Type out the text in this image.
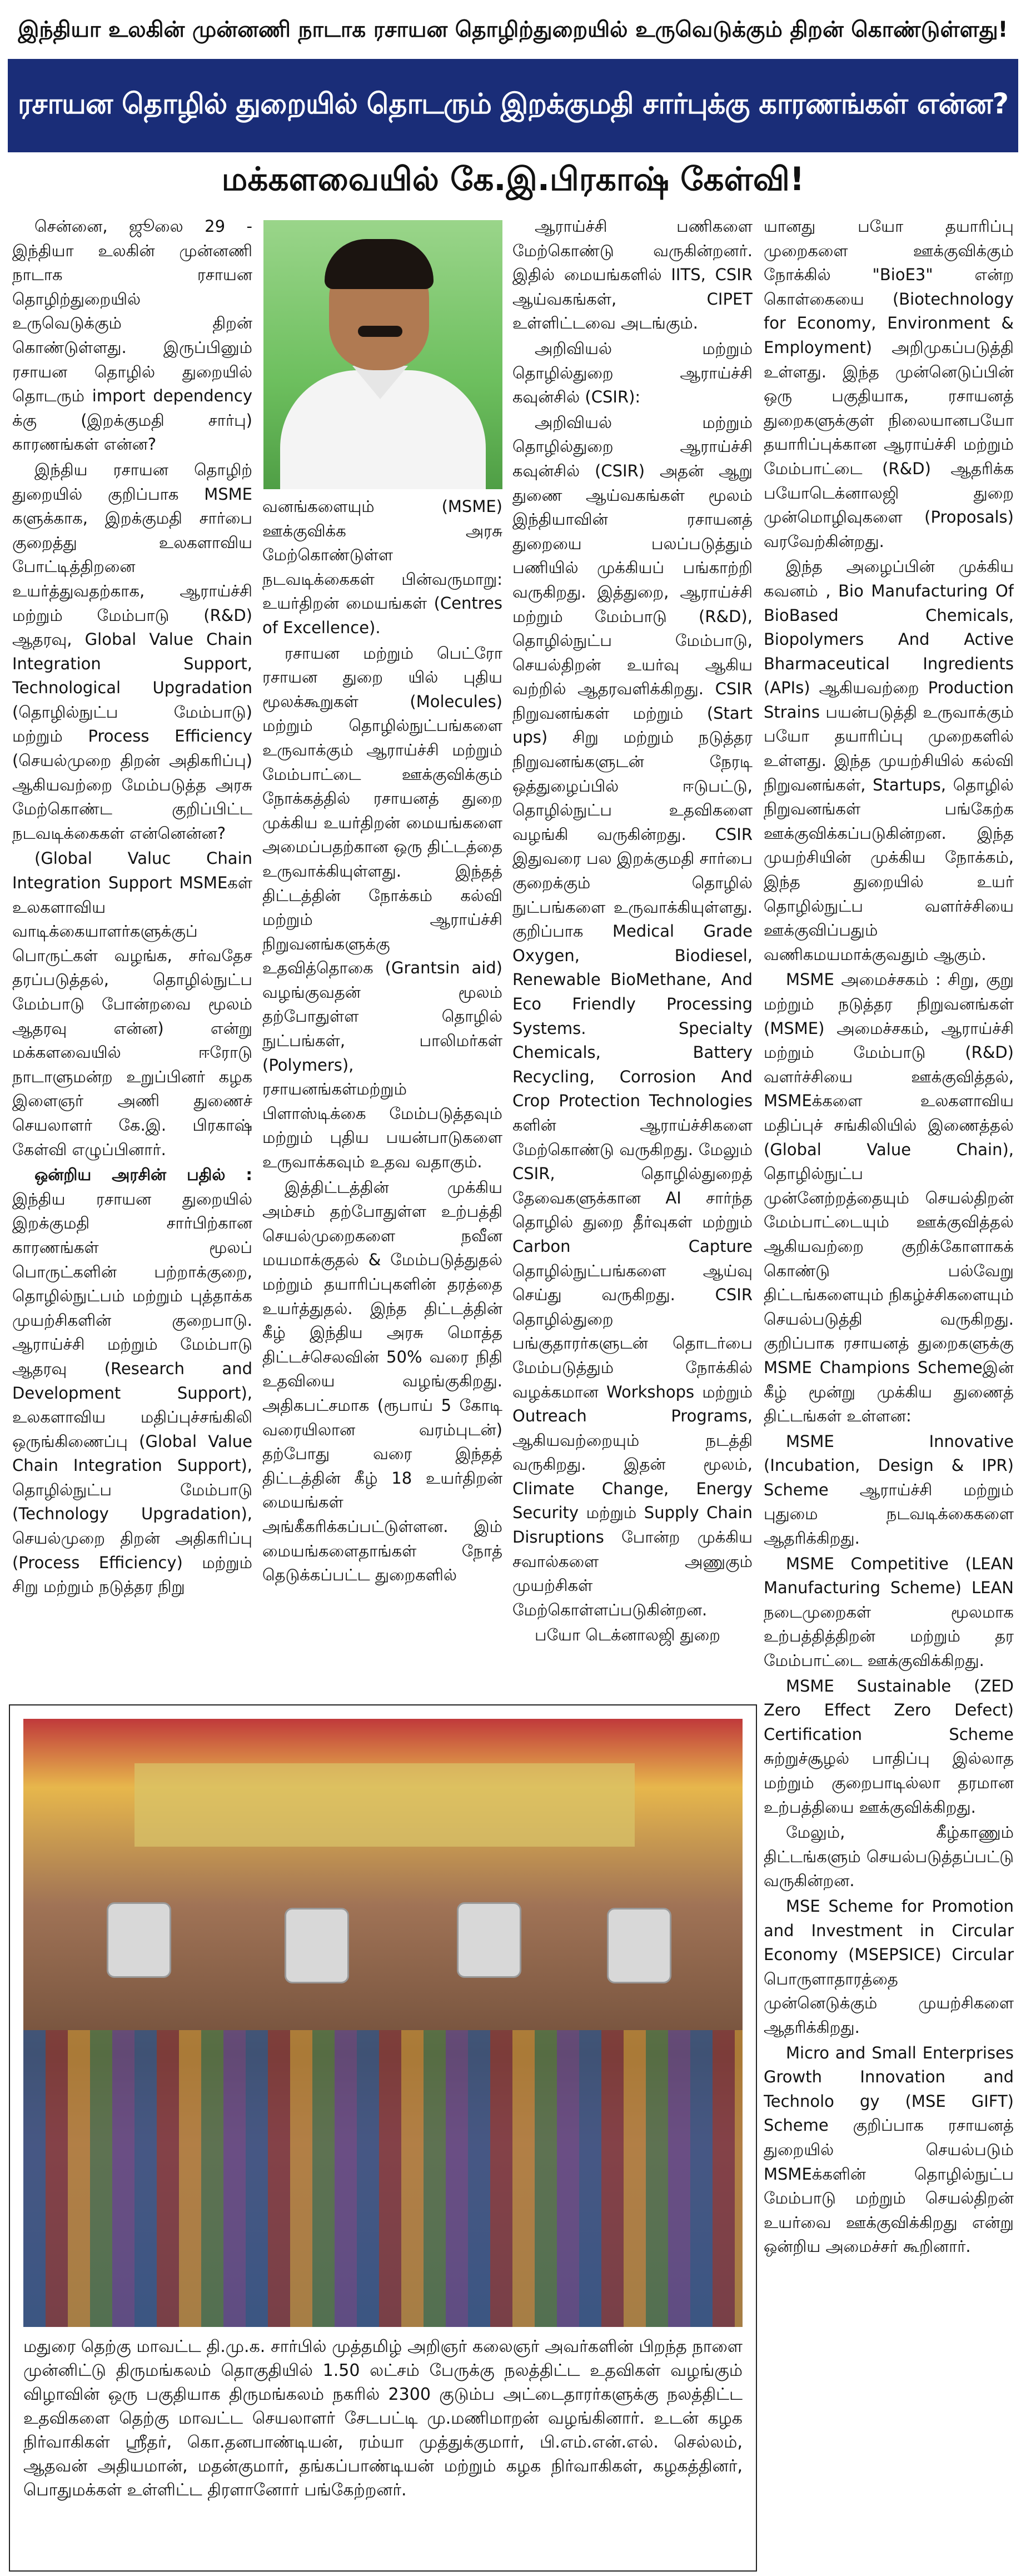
இந்தியா உலகின் முன்னணி நாடாக ரசாயன தொழிற்துறையில் உருவெடுக்கும் திறன் கொண்டுள்ளது!
ரசாயன தொழில் துறையில் தொடரும் இறக்குமதி சார்புக்கு காரணங்கள் என்ன?
மக்களவையில் கே.இ.பிரகாஷ் கேள்வி!

சென்னை, ஜூலை 29 - இந்தியா உலகின் முன்னணி நாடாக ரசாயன தொழிற்துறையில் உருவெடுக்கும் திறன் கொண்டுள்ளது. இருப்பினும் ரசாயன தொழில் துறையில் தொடரும் import dependency க்கு (இறக்குமதி சார்பு) காரணங்கள் என்ன?

இந்திய ரசாயன தொழிற் துறையில் குறிப்பாக MSME களுக்காக, இறக்குமதி சார்பை குறைத்து உலகளாவிய போட்டித்திறனை உயர்த்துவதற்காக, ஆராய்ச்சி மற்றும் மேம்பாடு (R&D) ஆதரவு, Global Value Chain Integration Support, Technological Upgradation (தொழில்நுட்ப மேம்பாடு) மற்றும் Process Efficiency (செயல்முறை திறன் அதிகரிப்பு) ஆகியவற்றை மேம்படுத்த அரசு மேற்கொண்ட குறிப்பிட்ட நடவடிக்கைகள் என்னென்ன?

(Global Valuc Chain Integration Support MSMEகள் உலகளாவிய வாடிக்கையாளர்களுக்குப் பொருட்கள் வழங்க, சர்வதேச தரப்படுத்தல், தொழில்நுட்ப மேம்பாடு போன்றவை மூலம் ஆதரவு என்ன) என்று மக்களவையில் ஈரோடு நாடாளுமன்ற உறுப்பினர் கழக இளைஞர் அணி துணைச் செயலாளர் கே.இ. பிரகாஷ் கேள்வி எழுப்பினார்.

ஒன்றிய அரசின் பதில் : இந்திய ரசாயன துறையில் இறக்குமதி சார்பிற்கான காரணங்கள் மூலப் பொருட்களின் பற்றாக்குறை, தொழில்நுட்பம் மற்றும் புத்தாக்க முயற்சிகளின் குறைபாடு. ஆராய்ச்சி மற்றும் மேம்பாடு ஆதரவு (Research and Development Support), உலகளாவிய மதிப்புச்சங்கிலி ஒருங்கிணைப்பு (Global Value Chain Integration Support), தொழில்நுட்ப மேம்பாடு (Technology Upgradation), செயல்முறை திறன் அதிகரிப்பு (Process Efficiency) மற்றும் சிறு மற்றும் நடுத்தர நிறு

வனங்களையும் (MSME) ஊக்குவிக்க அரசு மேற்கொண்டுள்ள நடவடிக்கைகள் பின்வருமாறு: உயர்திறன் மையங்கள் (Centres of Excellence).

ரசாயன மற்றும் பெட்ரோ ரசாயன துறை யில் புதிய மூலக்கூறுகள் (Molecules) மற்றும் தொழில்நுட்பங்களை உருவாக்கும் ஆராய்ச்சி மற்றும் மேம்பாட்டை ஊக்குவிக்கும் நோக்கத்தில் ரசாயனத் துறை முக்கிய உயர்திறன் மையங்களை அமைப்பதற்கான ஒரு திட்டத்தை உருவாக்கியுள்ளது. இந்தத் திட்டத்தின் நோக்கம் கல்வி மற்றும் ஆராய்ச்சி நிறுவனங்களுக்கு உதவித்தொகை (Grantsin aid) வழங்குவதன் மூலம் தற்போதுள்ள தொழில் நுட்பங்கள், பாலிமர்கள் (Polymers), ரசாயனங்கள்மற்றும் பிளாஸ்டிக்கை மேம்படுத்தவும் மற்றும் புதிய பயன்பாடுகளை உருவாக்கவும் உதவ வதாகும்.

இத்திட்டத்தின் முக்கிய அம்சம் தற்போதுள்ள உற்பத்தி செயல்முறைகளை நவீன மயமாக்குதல் & மேம்படுத்துதல் மற்றும் தயாரிப்புகளின் தரத்தை உயர்த்துதல். இந்த திட்டத்தின் கீழ் இந்திய அரசு மொத்த திட்டச்செலவின் 50% வரை நிதி உதவியை வழங்குகிறது. அதிகபட்சமாக (ரூபாய் 5 கோடி வரையிலான வரம்புடன்) தற்போது வரை இந்தத் திட்டத்தின் கீழ் 18 உயர்திறன் மையங்கள் அங்கீகரிக்கப்பட்டுள்ளன. இம் மையங்களைதாங்கள் நோத் தெடுக்கப்பட்ட துறைகளில்

ஆராய்ச்சி பணிகளை மேற்கொண்டு வருகின்றனர். இதில் மையங்களில் IITS, CSIR ஆய்வகங்கள், CIPET உள்ளிட்டவை அடங்கும்.

அறிவியல் மற்றும் தொழில்துறை ஆராய்ச்சி கவுன்சில் (CSIR):

அறிவியல் மற்றும் தொழில்துறை ஆராய்ச்சி கவுன்சில் (CSIR) அதன் ஆறு துணை ஆய்வகங்கள் மூலம் இந்தியாவின் ரசாயனத் துறையை பலப்படுத்தும் பணியில் முக்கியப் பங்காற்றி வருகிறது. இத்துறை, ஆராய்ச்சி மற்றும் மேம்பாடு (R&D), தொழில்நுட்ப மேம்பாடு, செயல்திறன் உயர்வு ஆகிய வற்றில் ஆதரவளிக்கிறது. CSIR நிறுவனங்கள் மற்றும் (Start ups) சிறு மற்றும் நடுத்தர நிறுவனங்களுடன் நேரடி ஒத்துழைப்பில் ஈடுபட்டு, தொழில்நுட்ப உதவிகளை வழங்கி வருகின்றது. CSIR இதுவரை பல இறக்குமதி சார்பை குறைக்கும் தொழில் நுட்பங்களை உருவாக்கியுள்ளது. குறிப்பாக Medical Grade Oxygen, Biodiesel, Renewable BioMethane, And Eco Friendly Processing Systems. Specialty Chemicals, Battery Recycling, Corrosion And Crop Protection Technologies களின் ஆராய்ச்சிகளை மேற்கொண்டு வருகிறது. மேலும் CSIR, தொழில்துறைத் தேவைகளுக்கான AI சார்ந்த தொழில் துறை தீர்வுகள் மற்றும் Carbon Capture தொழில்நுட்பங்களை ஆய்வு செய்து வருகிறது. CSIR தொழில்துறை பங்குதாரர்களுடன் தொடர்பை மேம்படுத்தும் நோக்கில் வழக்கமான Workshops மற்றும் Outreach Programs, ஆகியவற்றையும் நடத்தி வருகிறது. இதன் மூலம், Climate Change, Energy Security மற்றும் Supply Chain Disruptions போன்ற முக்கிய சவால்களை அணுகும் முயற்சிகள் மேற்கொள்ளப்படுகின்றன.

பயோ டெக்னாலஜி துறை

யானது பயோ தயாரிப்பு முறைகளை ஊக்குவிக்கும் நோக்கில் "BioE3" என்ற கொள்கையை (Biotechnology for Economy, Environment & Employment) அறிமுகப்படுத்தி உள்ளது. இந்த முன்னெடுப்பின் ஒரு பகுதியாக, ரசாயனத் துறைகளுக்குள் நிலையானபயோ தயாரிப்புக்கான ஆராய்ச்சி மற்றும் மேம்பாட்டை (R&D) ஆதரிக்க பயோடெக்னாலஜி துறை முன்மொழிவுகளை (Proposals) வரவேற்கின்றது.

இந்த அழைப்பின் முக்கிய கவனம் , Bio Manufacturing Of BioBased Chemicals, Biopolymers And Active Bharmaceutical Ingredients (APIs) ஆகியவற்றை Production Strains பயன்படுத்தி உருவாக்கும் பயோ தயாரிப்பு முறைகளில் உள்ளது. இந்த முயற்சியில் கல்வி நிறுவனங்கள், Startups, தொழில் நிறுவனங்கள் பங்கேற்க ஊக்குவிக்கப்படுகின்றன. இந்த முயற்சியின் முக்கிய நோக்கம், இந்த துறையில் உயர் தொழில்நுட்ப வளர்ச்சியை ஊக்குவிப்பதும் வணிகமயமாக்குவதும் ஆகும்.

MSME அமைச்சகம் : சிறு, குறு மற்றும் நடுத்தர நிறுவனங்கள் (MSME) அமைச்சகம், ஆராய்ச்சி மற்றும் மேம்பாடு (R&D) வளர்ச்சியை ஊக்குவித்தல், MSMEக்களை உலகளாவிய மதிப்புச் சங்கிலியில் இணைத்தல் (Global Value Chain), தொழில்நுட்ப முன்னேற்றத்தையும் செயல்திறன் மேம்பாட்டையும் ஊக்குவித்தல் ஆகியவற்றை குறிக்கோளாகக் கொண்டு பல்வேறு திட்டங்களையும் நிகழ்ச்சிகளையும் செயல்படுத்தி வருகிறது. குறிப்பாக ரசாயனத் துறைகளுக்கு MSME Champions Schemeஇன் கீழ் மூன்று முக்கிய துணைத் திட்டங்கள் உள்ளன:

MSME Innovative (Incubation, Design & IPR) Scheme ஆராய்ச்சி மற்றும் புதுமை நடவடிக்கைகளை ஆதரிக்கிறது.

MSME Competitive (LEAN Manufacturing Scheme) LEAN நடைமுறைகள் மூலமாக உற்பத்தித்திறன் மற்றும் தர மேம்பாட்டை ஊக்குவிக்கிறது.

MSME Sustainable (ZED Zero Effect Zero Defect) Certification Scheme சுற்றுச்சூழல் பாதிப்பு இல்லாத மற்றும் குறைபாடில்லா தரமான உற்பத்தியை ஊக்குவிக்கிறது.

மேலும், கீழ்காணும் திட்டங்களும் செயல்படுத்தப்பட்டு வருகின்றன.

MSE Scheme for Promotion and Investment in Circular Economy (MSEPSICE) Circular பொருளாதாரத்தை முன்னெடுக்கும் முயற்சிகளை ஆதரிக்கிறது.

Micro and Small Enterprises Growth Innovation and Technolo gy (MSE GIFT) Scheme குறிப்பாக ரசாயனத் துறையில் செயல்படும் MSMEக்களின் தொழில்நுட்ப மேம்பாடு மற்றும் செயல்திறன் உயர்வை ஊக்குவிக்கிறது என்று ஒன்றிய அமைச்சர் கூறினார்.

மதுரை தெற்கு மாவட்ட தி.மு.க. சார்பில் முத்தமிழ் அறிஞர் கலைஞர் அவர்களின் பிறந்த நாளை முன்னிட்டு திருமங்கலம் தொகுதியில் 1.50 லட்சம் பேருக்கு நலத்திட்ட உதவிகள் வழங்கும் விழாவின் ஒரு பகுதியாக திருமங்கலம் நகரில் 2300 குடும்ப அட்டைதாரர்களுக்கு நலத்திட்ட உதவிகளை தெற்கு மாவட்ட செயலாளர் சேடபட்டி மு.மணிமாறன் வழங்கினார். உடன் கழக நிர்வாகிகள் ஸ்ரீதர், கொ.தனபாண்டியன், ரம்யா முத்துக்குமார், பி.எம்.என்.எல். செல்லம், ஆதவன் அதியமான், மதன்குமார், தங்கப்பாண்டியன் மற்றும் கழக நிர்வாகிகள், கழகத்தினர், பொதுமக்கள் உள்ளிட்ட திரளானோர் பங்கேற்றனர்.
